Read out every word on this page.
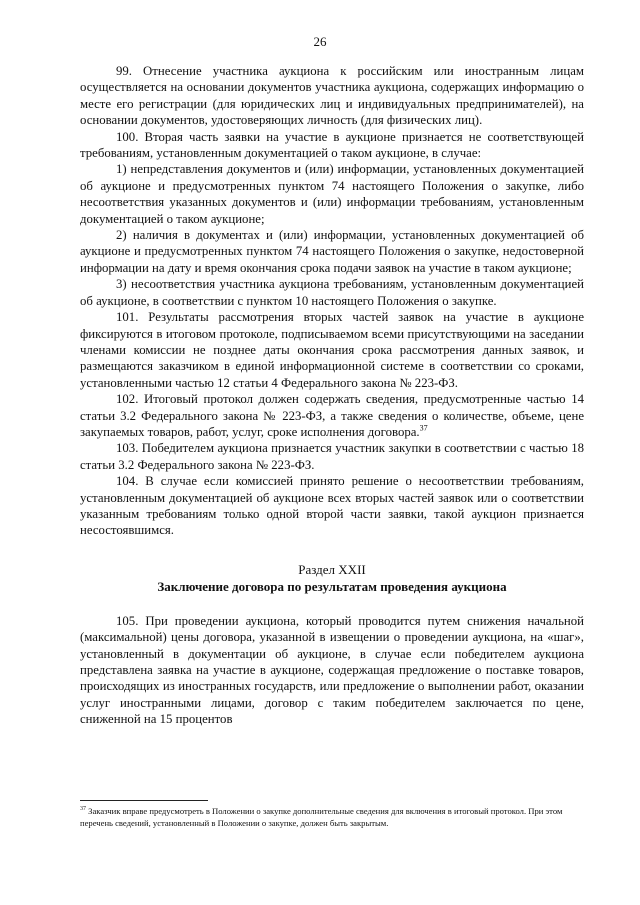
26

99. Отнесение участника аукциона к российским или иностранным лицам осуществляется на основании документов участника аукциона, содержащих информацию о месте его регистрации (для юридических лиц и индивидуальных предпринимателей), на основании документов, удостоверяющих личность (для физических лиц).

100. Вторая часть заявки на участие в аукционе признается не соответствующей требованиям, установленным документацией о таком аукционе, в случае:

1) непредставления документов и (или) информации, установленных документацией об аукционе и предусмотренных пунктом 74 настоящего Положения о закупке, либо несоответствия указанных документов и (или) информации требованиям, установленным документацией о таком аукционе;

2) наличия в документах и (или) информации, установленных документацией об аукционе и предусмотренных пунктом 74 настоящего Положения о закупке, недостоверной информации на дату и время окончания срока подачи заявок на участие в таком аукционе;

3) несоответствия участника аукциона требованиям, установленным документацией об аукционе, в соответствии с пунктом 10 настоящего Положения о закупке.

101. Результаты рассмотрения вторых частей заявок на участие в аукционе фиксируются в итоговом протоколе, подписываемом всеми присутствующими на заседании членами комиссии не позднее даты окончания срока рассмотрения данных заявок, и размещаются заказчиком в единой информационной системе в соответствии со сроками, установленными частью 12 статьи 4 Федерального закона № 223-ФЗ.

102. Итоговый протокол должен содержать сведения, предусмотренные частью 14 статьи 3.2 Федерального закона № 223-ФЗ, а также сведения о количестве, объеме, цене закупаемых товаров, работ, услуг, сроке исполнения договора.$^{37}$

103. Победителем аукциона признается участник закупки в соответствии с частью 18 статьи 3.2 Федерального закона № 223-ФЗ.

104. В случае если комиссией принято решение о несоответствии требованиям, установленным документацией об аукционе всех вторых частей заявок или о соответствии указанным требованиям только одной второй части заявки, такой аукцион признается несостоявшимся.

Раздел XXII

Заключение договора по результатам проведения аукциона

105. При проведении аукциона, который проводится путем снижения начальной (максимальной) цены договора, указанной в извещении о проведении аукциона, на «шаг», установленный в документации об аукционе, в случае если победителем аукциона представлена заявка на участие в аукционе, содержащая предложение о поставке товаров, происходящих из иностранных государств, или предложение о выполнении работ, оказании услуг иностранными лицами, договор с таким победителем заключается по цене, сниженной на 15 процентов

$^{37}$ Заказчик вправе предусмотреть в Положении о закупке дополнительные сведения для включения в итоговый протокол. При этом перечень сведений, установленный в Положении о закупке, должен быть закрытым.
